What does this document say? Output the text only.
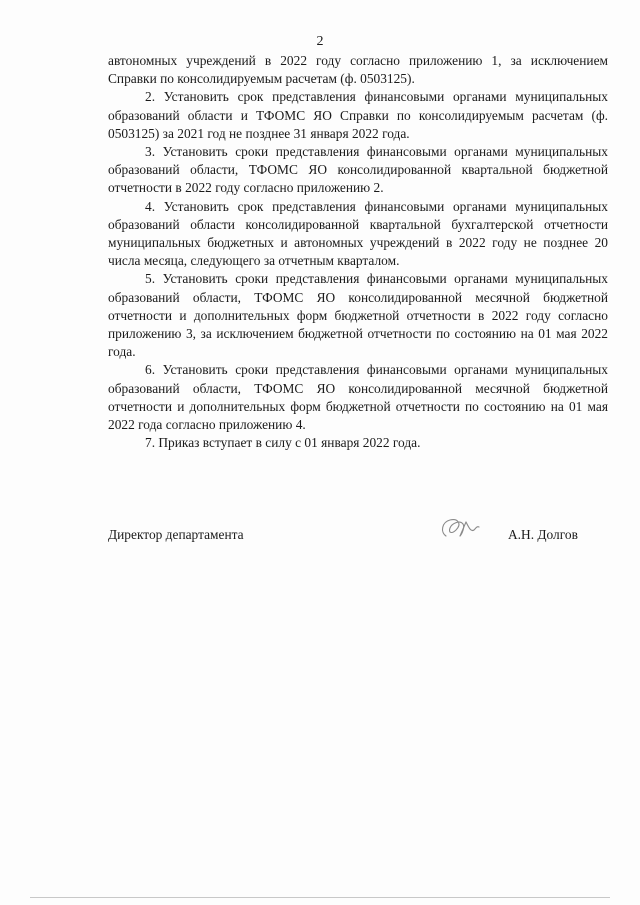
2

автономных учреждений в 2022 году согласно приложению 1, за исключением Справки по консолидируемым расчетам (ф. 0503125).

2. Установить срок представления финансовыми органами муниципальных образований области и ТФОМС ЯО Справки по консолидируемым расчетам (ф. 0503125) за 2021 год не позднее 31 января 2022 года.

3. Установить сроки представления финансовыми органами муниципальных образований области, ТФОМС ЯО консолидированной квартальной бюджетной отчетности в 2022 году согласно приложению 2.

4. Установить срок представления финансовыми органами муниципальных образований области консолидированной квартальной бухгалтерской отчетности муниципальных бюджетных и автономных учреждений в 2022 году не позднее 20 числа месяца, следующего за отчетным кварталом.

5. Установить сроки представления финансовыми органами муниципальных образований области, ТФОМС ЯО консолидированной месячной бюджетной отчетности и дополнительных форм бюджетной отчетности в 2022 году согласно приложению 3, за исключением бюджетной отчетности по состоянию на 01 мая 2022 года.

6. Установить сроки представления финансовыми органами муниципальных образований области, ТФОМС ЯО консолидированной месячной бюджетной отчетности и дополнительных форм бюджетной отчетности по состоянию на 01 мая 2022 года согласно приложению 4.

7. Приказ вступает в силу с 01 января 2022 года.

Директор департамента	А.Н. Долгов
